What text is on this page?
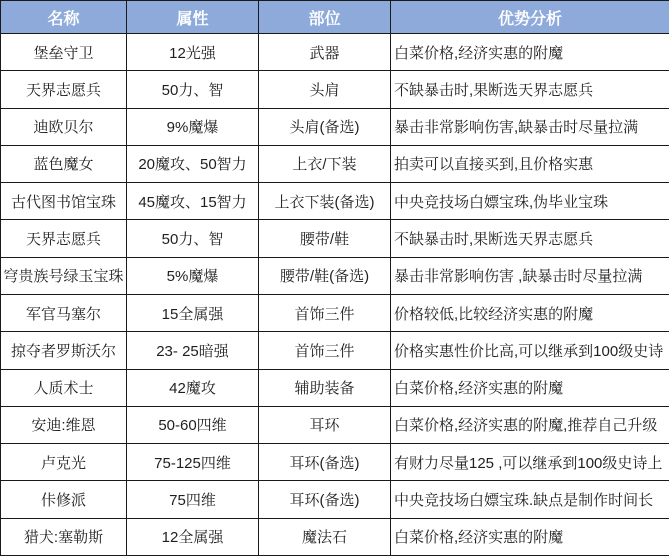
名称	属性	部位	优势分析
堡垒守卫	12光强	武器	白菜价格,经济实惠的附魔
天界志愿兵	50力、智	头肩	不缺暴击时,果断选天界志愿兵
迪欧贝尔	9%魔爆	头肩(备选)	暴击非常影响伤害,缺暴击时尽量拉满
蓝色魔女	20魔攻、50智力	上衣/下装	拍卖可以直接买到,且价格实惠
古代图书馆宝珠	45魔攻、15智力	上衣下装(备选)	中央竞技场白嫖宝珠,伪毕业宝珠
天界志愿兵	50力、智	腰带/鞋	不缺暴击时,果断选天界志愿兵
穹贵族号绿玉宝珠	5%魔爆	腰带/鞋(备选)	暴击非常影响伤害 ,缺暴击时尽量拉满
军官马塞尔	15全属强	首饰三件	价格较低,比较经济实惠的附魔
掠夺者罗斯沃尔	23- 25暗强	首饰三件	价格实惠性价比高,可以继承到100级史诗
人质术士	42魔攻	辅助装备	白菜价格,经济实惠的附魔
安迪:维恩	50-60四维	耳环	白菜价格,经济实惠的附魔,推荐自己升级
卢克光	75-125四维	耳环(备选)	有财力尽量125 ,可以继承到100级史诗上
佧修派	75四维	耳环(备选)	中央竞技场白嫖宝珠.缺点是制作时间长
猎犬:塞勒斯	12全属强	魔法石	白菜价格,经济实惠的附魔
